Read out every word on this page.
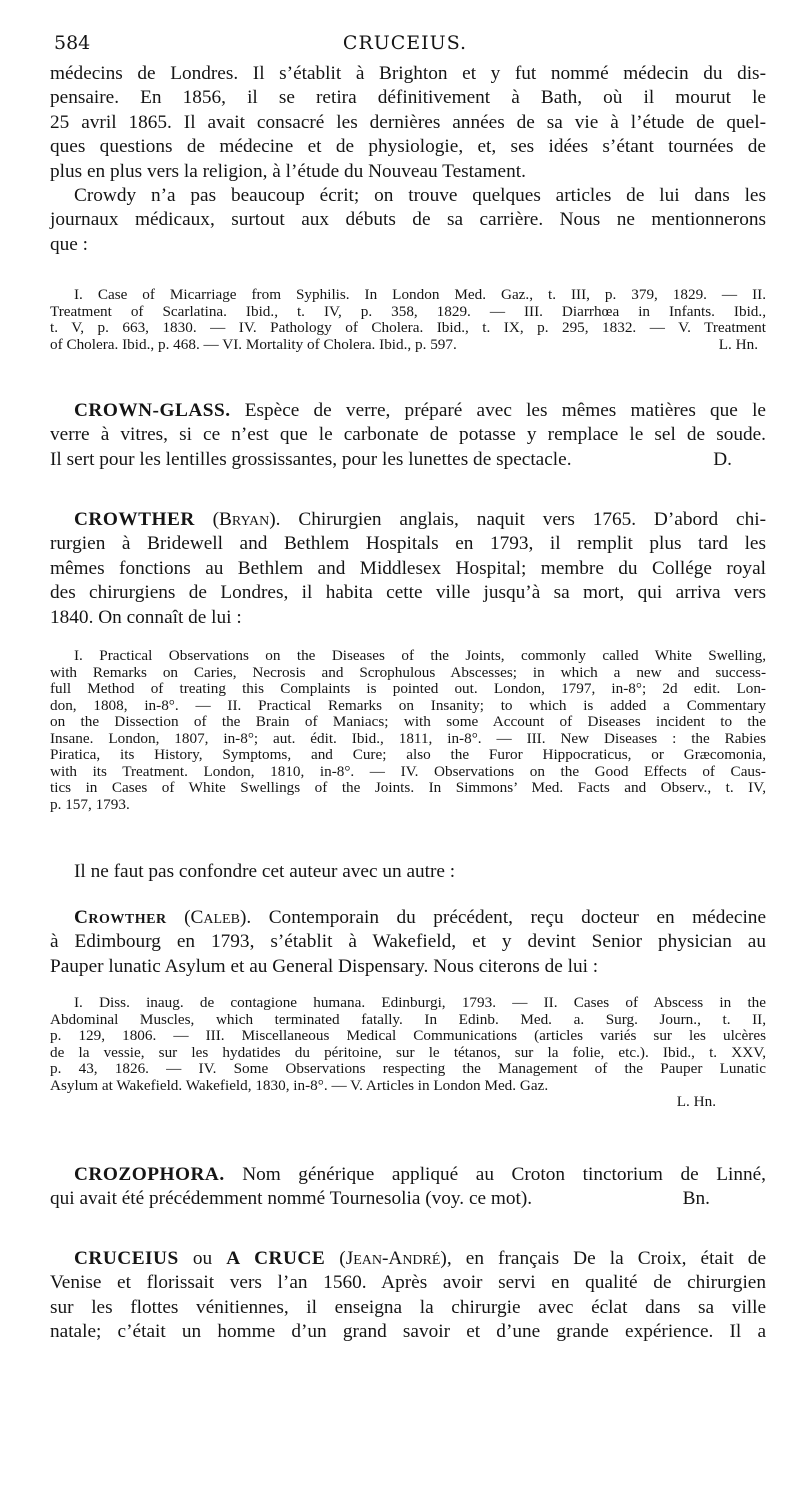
584	CRUCEIUS.
médecins de Londres. Il s’établit à Brighton et y fut nommé médecin du dis-
pensaire. En 1856, il se retira définitivement à Bath, où il mourut le
25 avril 1865. Il avait consacré les dernières années de sa vie à l’étude de quel-
ques questions de médecine et de physiologie, et, ses idées s’étant tournées de
plus en plus vers la religion, à l’étude du Nouveau Testament.
Crowdy n’a pas beaucoup écrit; on trouve quelques articles de lui dans les
journaux médicaux, surtout aux débuts de sa carrière. Nous ne mentionnerons
que :
I. Case of Micarriage from Syphilis. In London Med. Gaz., t. III, p. 379, 1829. — II.
Treatment of Scarlatina. Ibid., t. IV, p. 358, 1829. — III. Diarrhœa in Infants. Ibid.,
t. V, p. 663, 1830. — IV. Pathology of Cholera. Ibid., t. IX, p. 295, 1832. — V. Treatment
of Cholera. Ibid., p. 468. — VI. Mortality of Cholera. Ibid., p. 597.	L. Hn.
CROWN-GLASS. Espèce de verre, préparé avec les mêmes matières que le
verre à vitres, si ce n’est que le carbonate de potasse y remplace le sel de soude.
Il sert pour les lentilles grossissantes, pour les lunettes de spectacle.	D.
CROWTHER (Bryan). Chirurgien anglais, naquit vers 1765. D’abord chi-
rurgien à Bridewell and Bethlem Hospitals en 1793, il remplit plus tard les
mêmes fonctions au Bethlem and Middlesex Hospital; membre du Collége royal
des chirurgiens de Londres, il habita cette ville jusqu’à sa mort, qui arriva vers
1840. On connaît de lui :
I. Practical Observations on the Diseases of the Joints, commonly called White Swelling,
with Remarks on Caries, Necrosis and Scrophulous Abscesses; in which a new and success-
full Method of treating this Complaints is pointed out. London, 1797, in-8°; 2d edit. Lon-
don, 1808, in-8°. — II. Practical Remarks on Insanity; to which is added a Commentary
on the Dissection of the Brain of Maniacs; with some Account of Diseases incident to the
Insane. London, 1807, in-8°; aut. édit. Ibid., 1811, in-8°. — III. New Diseases : the Rabies
Piratica, its History, Symptoms, and Cure; also the Furor Hippocraticus, or Græcomonia,
with its Treatment. London, 1810, in-8°. — IV. Observations on the Good Effects of Caus-
tics in Cases of White Swellings of the Joints. In Simmons’ Med. Facts and Observ., t. IV,
p. 157, 1793.
Il ne faut pas confondre cet auteur avec un autre :
Crowther (Caleb). Contemporain du précédent, reçu docteur en médecine
à Edimbourg en 1793, s’établit à Wakefield, et y devint Senior physician au
Pauper lunatic Asylum et au General Dispensary. Nous citerons de lui :
I. Diss. inaug. de contagione humana. Edinburgi, 1793. — II. Cases of Abscess in the
Abdominal Muscles, which terminated fatally. In Edinb. Med. a. Surg. Journ., t. II,
p. 129, 1806. — III. Miscellaneous Medical Communications (articles variés sur les ulcères
de la vessie, sur les hydatides du péritoine, sur le tétanos, sur la folie, etc.). Ibid., t. XXV,
p. 43, 1826. — IV. Some Observations respecting the Management of the Pauper Lunatic
Asylum at Wakefield. Wakefield, 1830, in-8°. — V. Articles in London Med. Gaz.
L. Hn.
CROZOPHORA. Nom générique appliqué au Croton tinctorium de Linné,
qui avait été précédemment nommé Tournesolia (voy. ce mot).	Bn.
CRUCEIUS ou A CRUCE (Jean-André), en français De la Croix, était de
Venise et florissait vers l’an 1560. Après avoir servi en qualité de chirurgien
sur les flottes vénitiennes, il enseigna la chirurgie avec éclat dans sa ville
natale; c’était un homme d’un grand savoir et d’une grande expérience. Il a
